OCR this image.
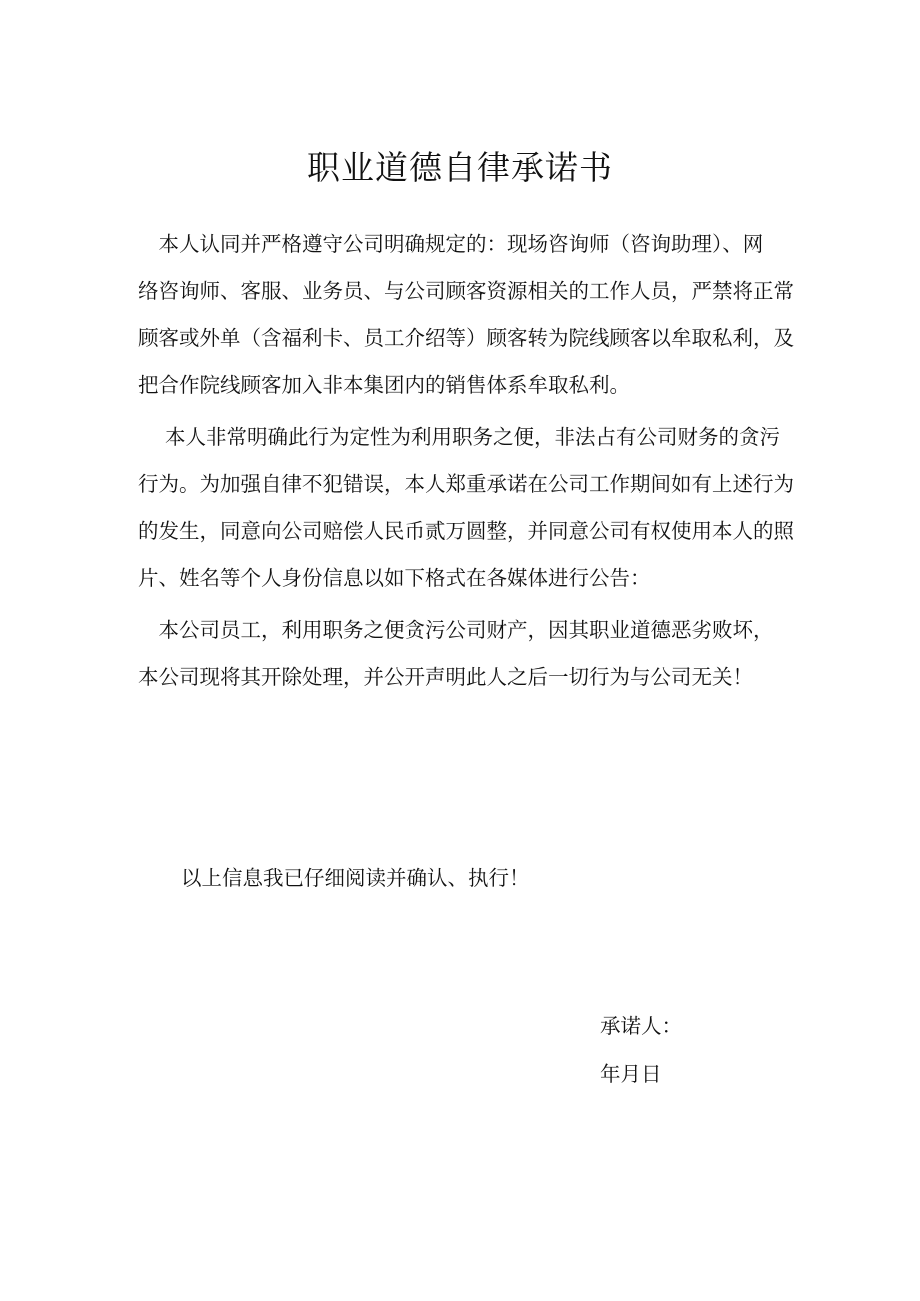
职业道德自律承诺书

　本人认同并严格遵守公司明确规定的：现场咨询师（咨询助理）、网
络咨询师、客服、业务员、与公司顾客资源相关的工作人员，严禁将正常
顾客或外单（含福利卡、员工介绍等）顾客转为院线顾客以牟取私利，及
把合作院线顾客加入非本集团内的销售体系牟取私利。

　 本人非常明确此行为定性为利用职务之便，非法占有公司财务的贪污
行为。为加强自律不犯错误，本人郑重承诺在公司工作期间如有上述行为
的发生，同意向公司赔偿人民币贰万圆整，并同意公司有权使用本人的照
片、姓名等个人身份信息以如下格式在各媒体进行公告：

　本公司员工，利用职务之便贪污公司财产，因其职业道德恶劣败坏，
本公司现将其开除处理，并公开声明此人之后一切行为与公司无关！

以上信息我已仔细阅读并确认、执行！

承诺人：

年月日
